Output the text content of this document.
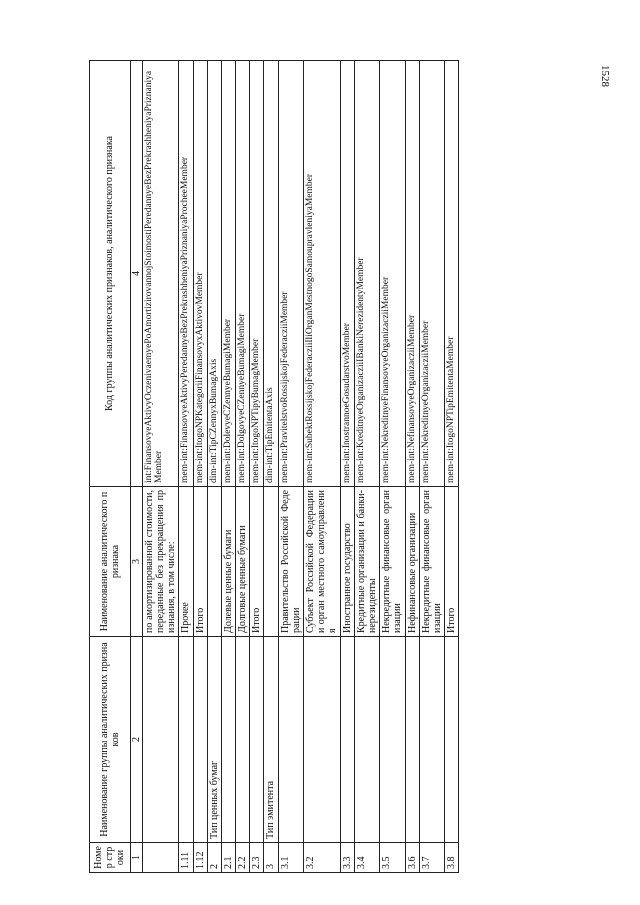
1528
Номер строки	Наименование группы аналитических признаков	Наименование аналитического признака	Код группы аналитических признаков, аналитического признака
1	2	3	4
		по амортизированной стоимости, переданные без прекращения признания, в том числе:	int:FinansovyeAktivyOczenivaemyePoAmortizirovannojStoimostiPeredannyeBezPrekrashheniyaPriznaniyaMember
1.11		Прочее	mem-int:FinansovyeAktivyPeredannyeBezPrekrashheniyaPriznaniyaProcheeMember
1.12		Итого	mem-int:ItogoNPKategoriiFinansovyxAktivovMember
2	Тип ценных бумаг		dim-int:TipCZennyxBumagAxis
2.1		Долевые ценные бумаги	mem-int:DolevyeCZennyeBumagiMember
2.2		Долговые ценные бумаги	mem-int:DolgovyeCZennyeBumagiMember
2.3		Итого	mem-int:ItogoNPTipyBumagMember
3	Тип эмитента		dim-int:TipEmitentaAxis
3.1		Правительство Российской Федерации	mem-int:PravitelstvoRossijskojFederacziiMember
3.2		Субъект Российской Федерации и орган местного самоуправления	mem-int:SubektRossijskojFederacziiIliOrganMestnogoSamoupravleniyaMember
3.3		Иностранное государство	mem-int:InostrannoeGosudarstvoMember
3.4		Кредитные организации и банки-нерезиденты	mem-int:KreditnyeOrganizacziiIBankiNerezidentyMember
3.5		Некредитные финансовые организации	mem-int:NekreditnyeFinansovyeOrganizacziiMember
3.6		Нефинансовые организации	mem-int:NefinansovyeOrganizacziiMember
3.7		Некредитные финансовые организации	mem-int:NekreditnyeOrganizacziiMember
3.8		Итого	mem-int:ItogoNPTipEmitentaMember
